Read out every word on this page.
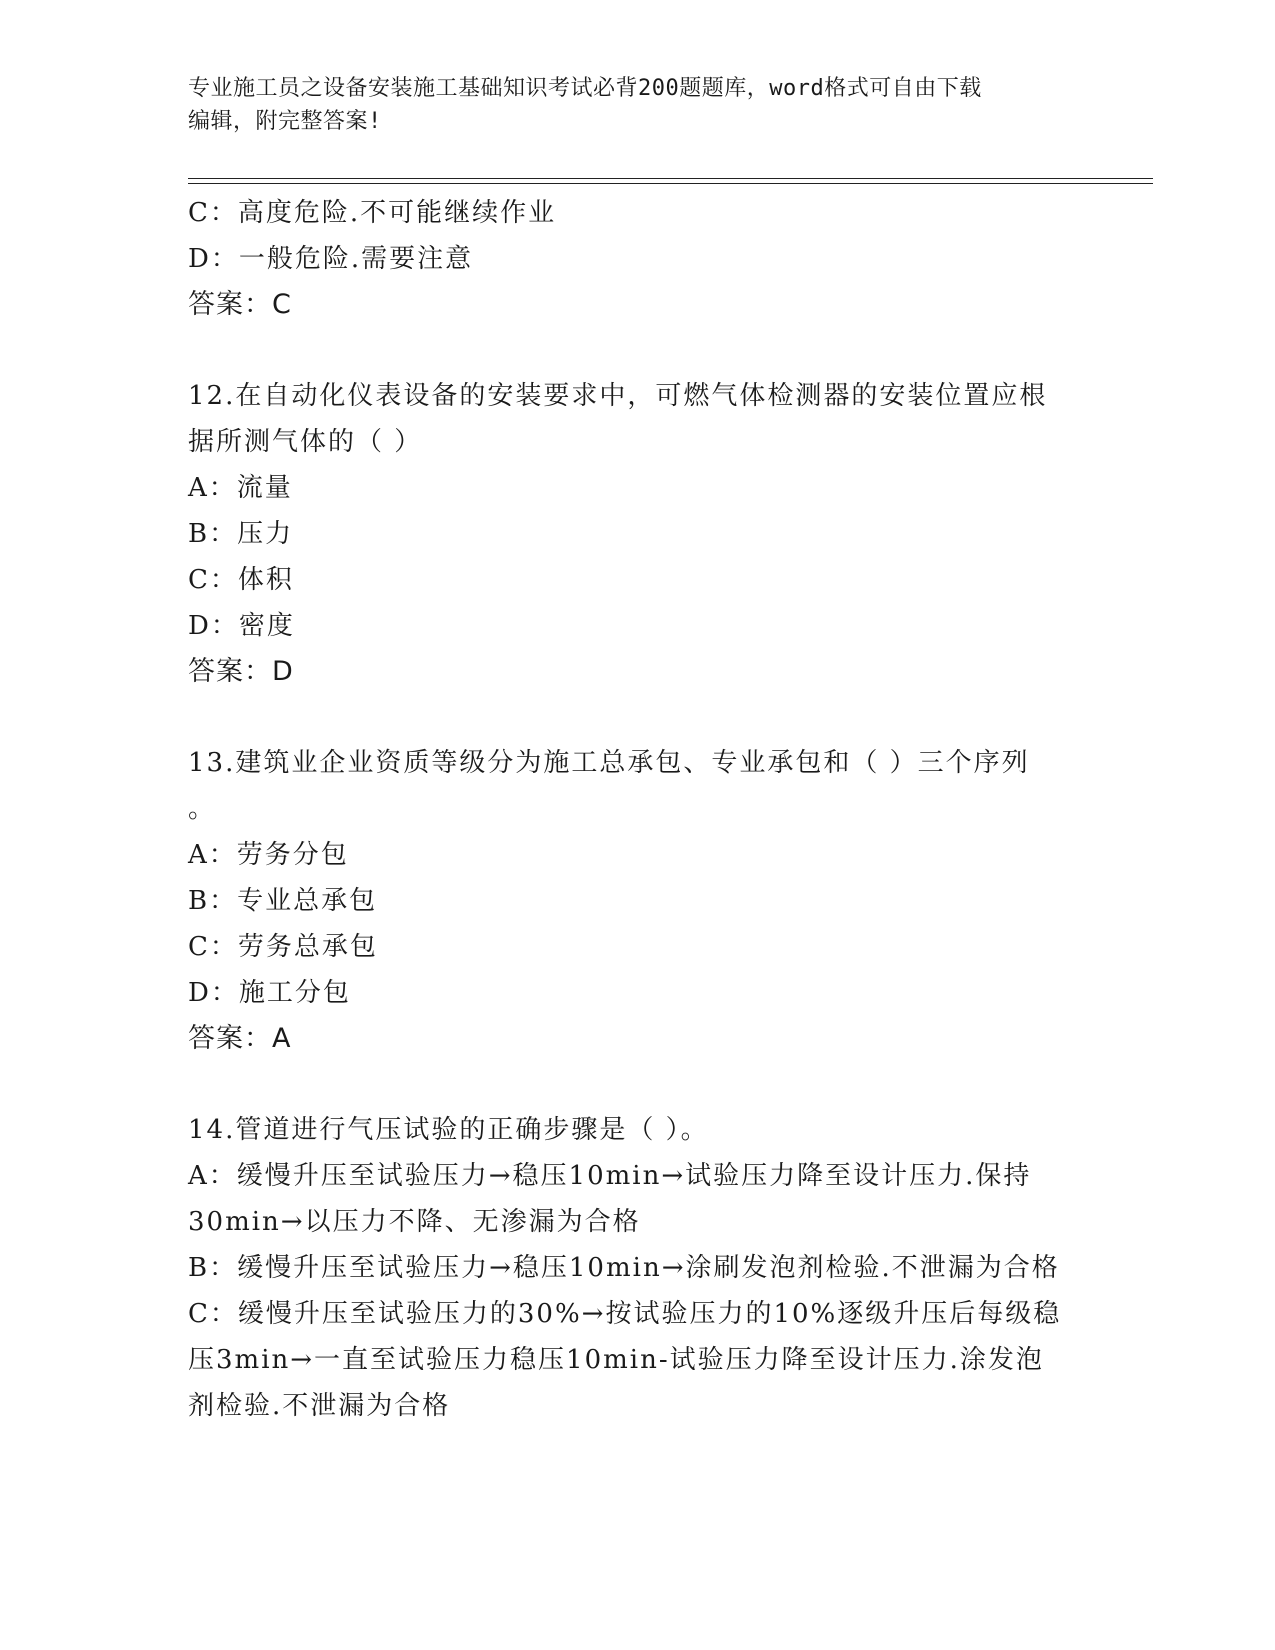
专业施工员之设备安装施工基础知识考试必背200题题库，word格式可自由下载
编辑，附完整答案!
C：高度危险.不可能继续作业
D：一般危险.需要注意
答案：C
12.在自动化仪表设备的安装要求中，可燃气体检测器的安装位置应根
据所测气体的（ ）
A：流量
B：压力
C：体积
D：密度
答案：D
13.建筑业企业资质等级分为施工总承包、专业承包和（ ）三个序列
。
A：劳务分包
B：专业总承包
C：劳务总承包
D：施工分包
答案：A
14.管道进行气压试验的正确步骤是（ ）。
A：缓慢升压至试验压力→稳压10min→试验压力降至设计压力.保持
30min→以压力不降、无渗漏为合格
B：缓慢升压至试验压力→稳压10min→涂刷发泡剂检验.不泄漏为合格
C：缓慢升压至试验压力的30%→按试验压力的10%逐级升压后每级稳
压3min→一直至试验压力稳压10min-试验压力降至设计压力.涂发泡
剂检验.不泄漏为合格
